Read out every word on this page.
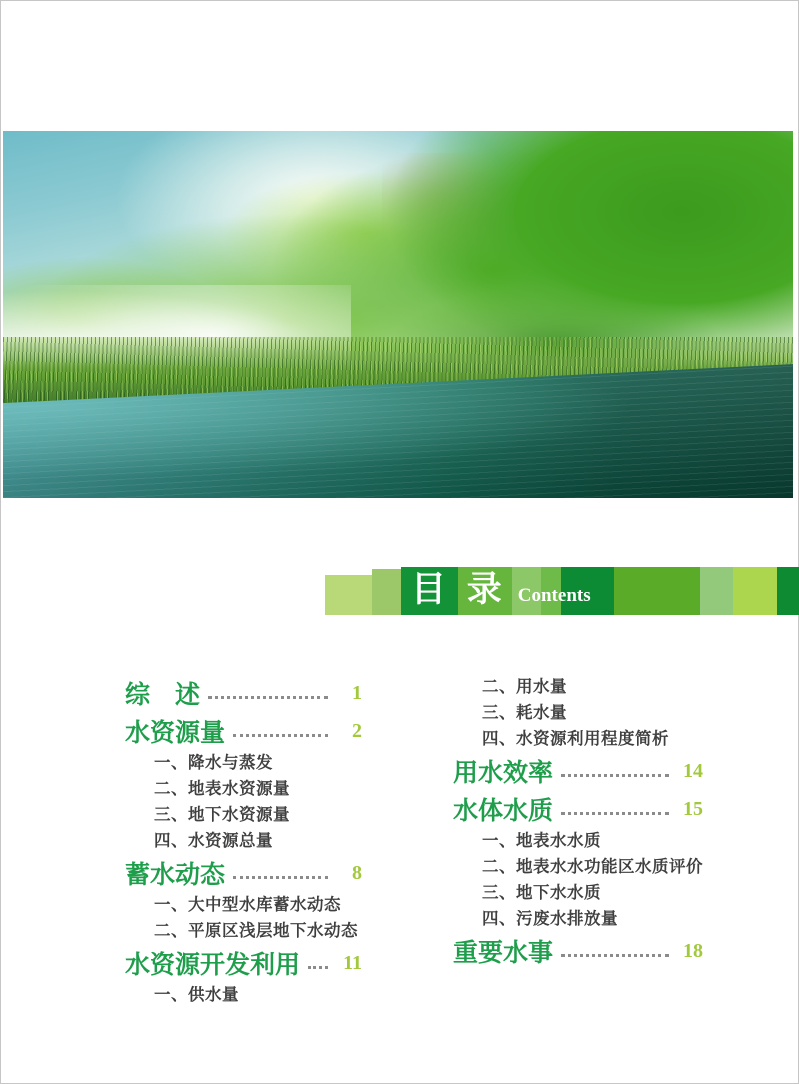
目 录 Contents
综　述	1
水资源量	2
一、降水与蒸发
二、地表水资源量
三、地下水资源量
四、水资源总量
蓄水动态	8
一、大中型水库蓄水动态
二、平原区浅层地下水动态
水资源开发利用	11
一、供水量
二、用水量
三、耗水量
四、水资源利用程度简析
用水效率	14
水体水质	15
一、地表水水质
二、地表水水功能区水质评价
三、地下水水质
四、污废水排放量
重要水事	18
